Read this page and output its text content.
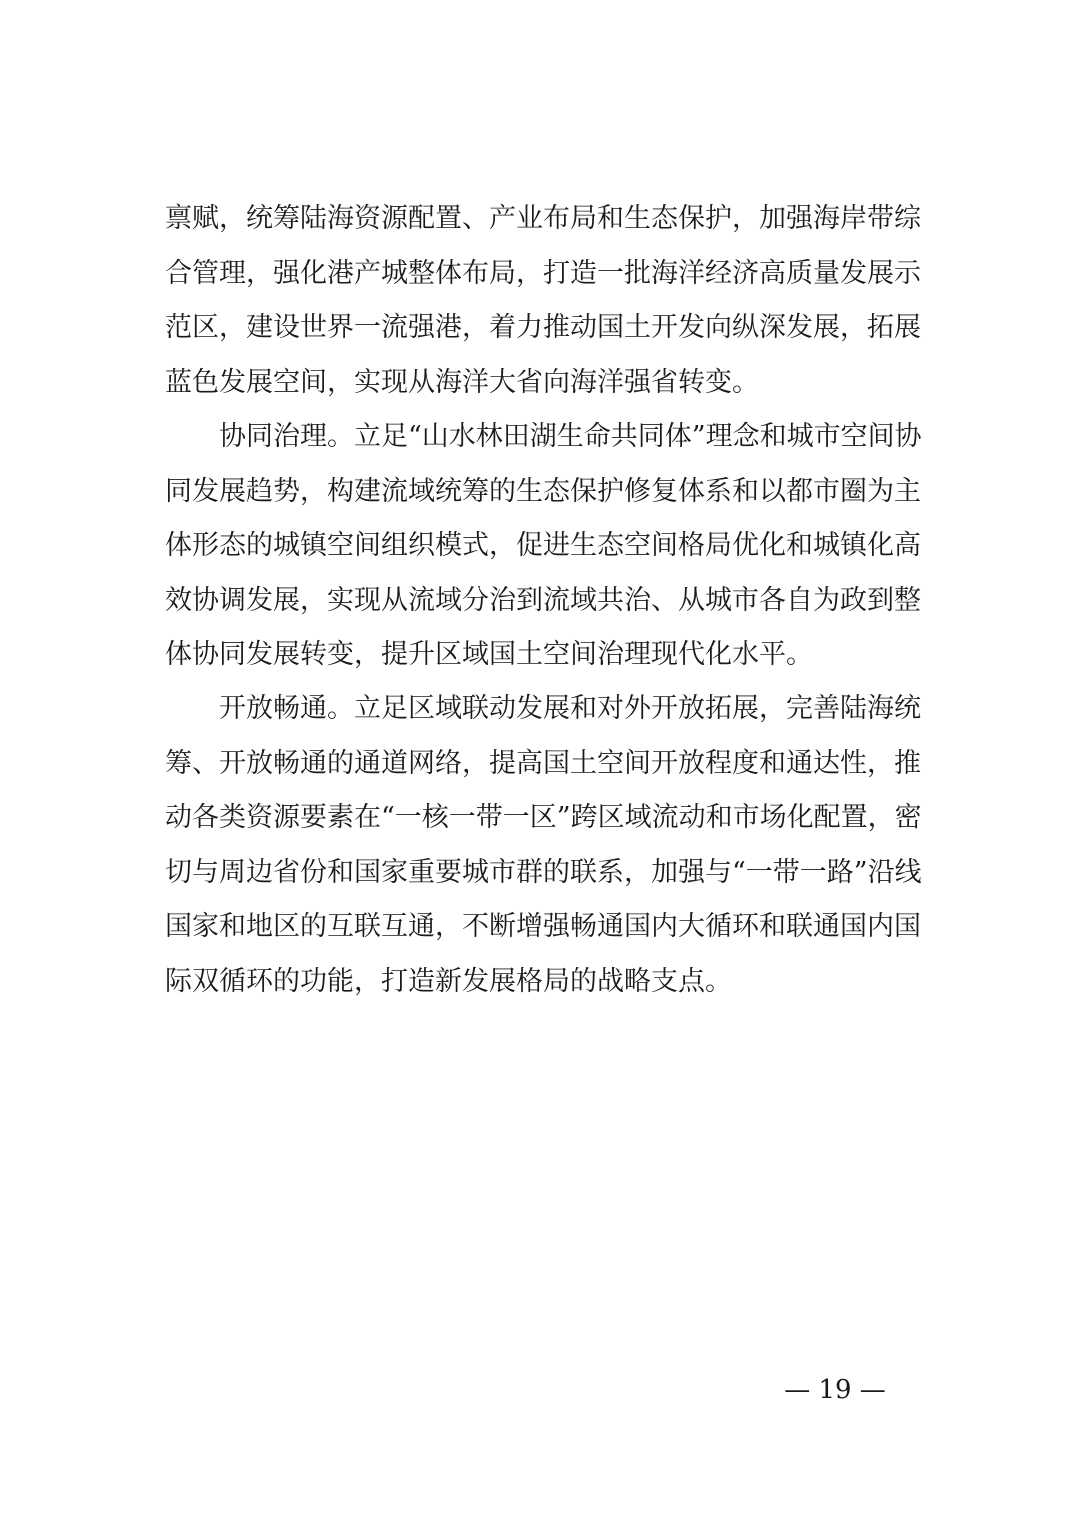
禀赋，统筹陆海资源配置、产业布局和生态保护，加强海岸带综
合管理，强化港产城整体布局，打造一批海洋经济高质量发展示
范区，建设世界一流强港，着力推动国土开发向纵深发展，拓展
蓝色发展空间，实现从海洋大省向海洋强省转变。
协同治理。立足“山水林田湖生命共同体”理念和城市空间协
同发展趋势，构建流域统筹的生态保护修复体系和以都市圈为主
体形态的城镇空间组织模式，促进生态空间格局优化和城镇化高
效协调发展，实现从流域分治到流域共治、从城市各自为政到整
体协同发展转变，提升区域国土空间治理现代化水平。
开放畅通。立足区域联动发展和对外开放拓展，完善陆海统
筹、开放畅通的通道网络，提高国土空间开放程度和通达性，推
动各类资源要素在“一核一带一区”跨区域流动和市场化配置，密
切与周边省份和国家重要城市群的联系，加强与“一带一路”沿线
国家和地区的互联互通，不断增强畅通国内大循环和联通国内国
际双循环的功能，打造新发展格局的战略支点。
— 19 —
